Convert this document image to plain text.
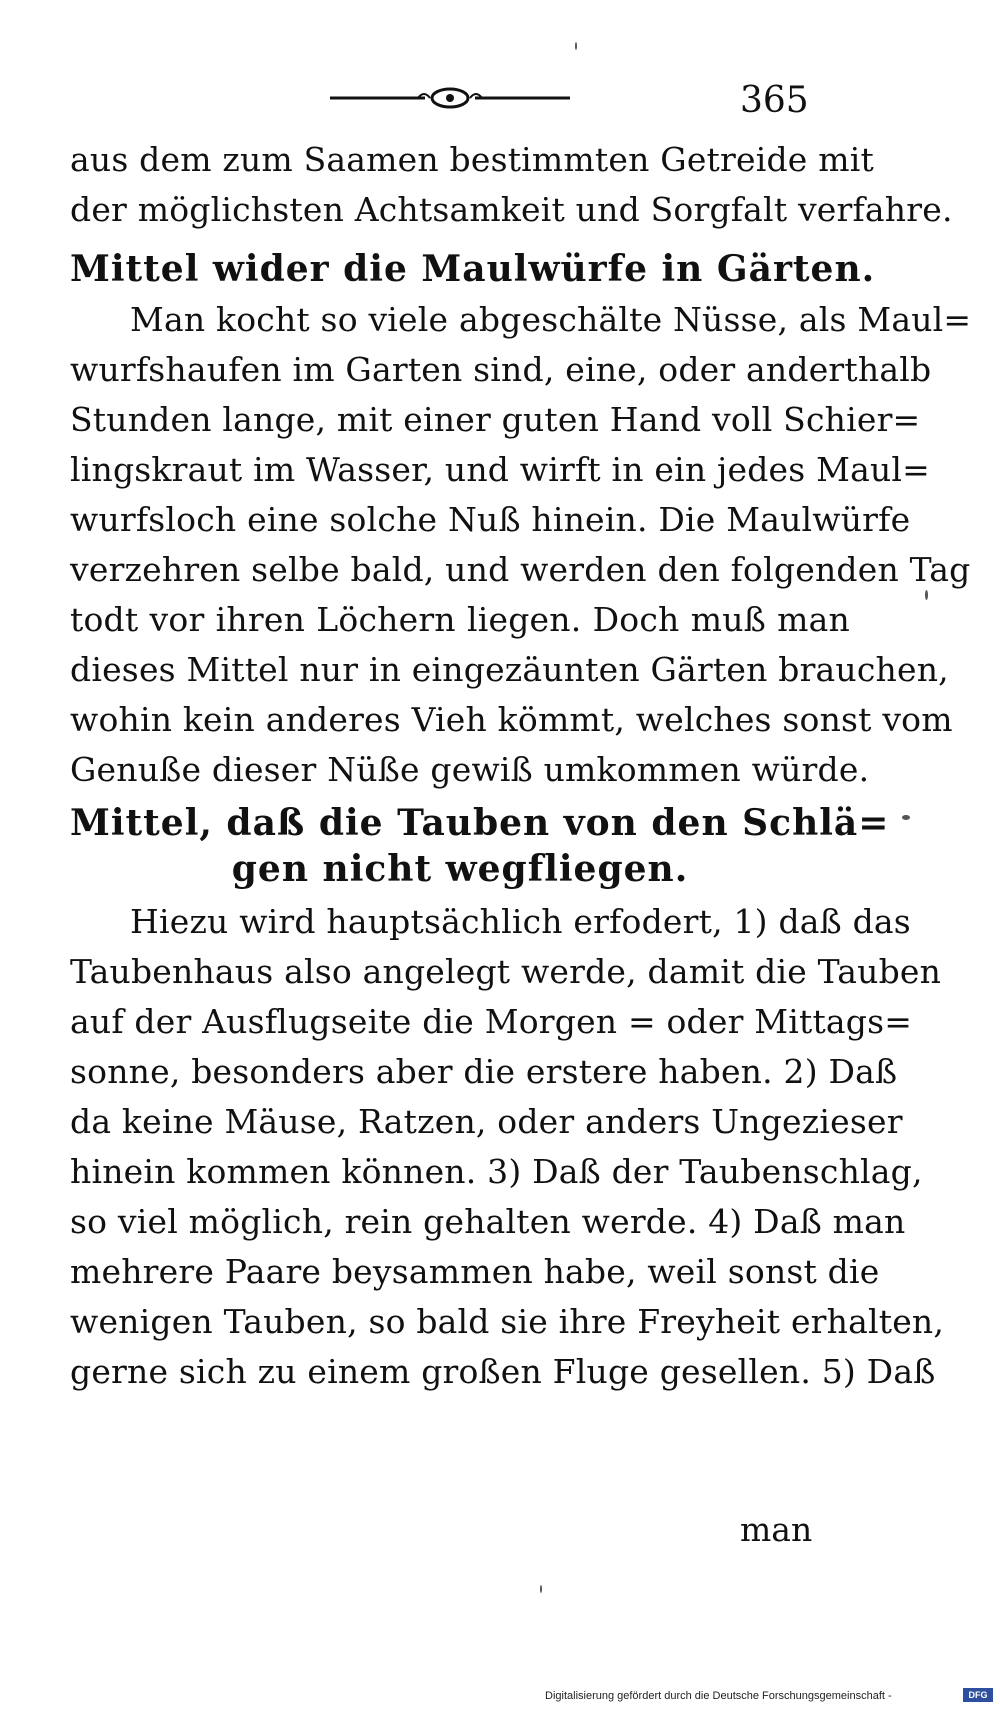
365
aus dem zum Saamen bestimmten Getreide mit
der möglichsten Achtsamkeit und Sorgfalt verfahre.
Mittel wider die Maulwürfe in Gärten.
Man kocht so viele abgeschälte Nüsse, als Maul=
wurfshaufen im Garten sind, eine, oder anderthalb
Stunden lange, mit einer guten Hand voll Schier=
lingskraut im Wasser, und wirft in ein jedes Maul=
wurfsloch eine solche Nuß hinein. Die Maulwürfe
verzehren selbe bald, und werden den folgenden Tag
todt vor ihren Löchern liegen. Doch muß man
dieses Mittel nur in eingezäunten Gärten brauchen,
wohin kein anderes Vieh kömmt, welches sonst vom
Genuße dieser Nüße gewiß umkommen würde.
Mittel, daß die Tauben von den Schlä=
gen nicht wegfliegen.
Hiezu wird hauptsächlich erfodert, 1) daß das
Taubenhaus also angelegt werde, damit die Tauben
auf der Ausflugseite die Morgen = oder Mittags=
sonne, besonders aber die erstere haben. 2) Daß
da keine Mäuse, Ratzen, oder anders Ungezieser
hinein kommen können. 3) Daß der Taubenschlag,
so viel möglich, rein gehalten werde. 4) Daß man
mehrere Paare beysammen habe, weil sonst die
wenigen Tauben, so bald sie ihre Freyheit erhalten,
gerne sich zu einem großen Fluge gesellen. 5) Daß
man
Digitalisierung gefördert durch die Deutsche Forschungsgemeinschaft -	DFG
